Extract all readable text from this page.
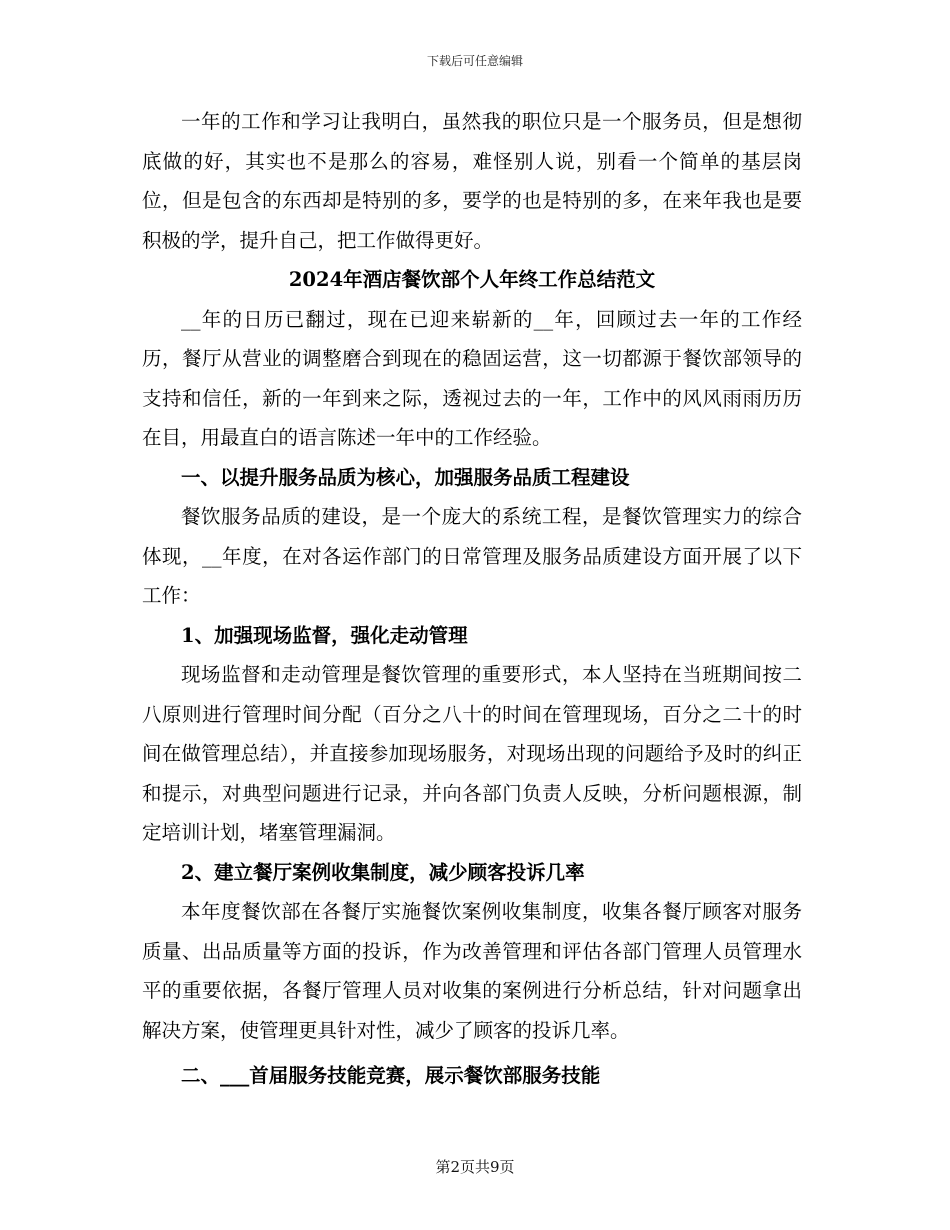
下载后可任意编辑

一年的工作和学习让我明白，虽然我的职位只是一个服务员，但是想彻底做的好，其实也不是那么的容易，难怪别人说，别看一个简单的基层岗位，但是包含的东西却是特别的多，要学的也是特别的多，在来年我也是要积极的学，提升自己，把工作做得更好。

2024年酒店餐饮部个人年终工作总结范文

__年的日历已翻过，现在已迎来崭新的__年，回顾过去一年的工作经历，餐厅从营业的调整磨合到现在的稳固运营，这一切都源于餐饮部领导的支持和信任，新的一年到来之际，透视过去的一年，工作中的风风雨雨历历在目，用最直白的语言陈述一年中的工作经验。

一、以提升服务品质为核心，加强服务品质工程建设

餐饮服务品质的建设，是一个庞大的系统工程，是餐饮管理实力的综合体现，__年度，在对各运作部门的日常管理及服务品质建设方面开展了以下工作：

1、加强现场监督，强化走动管理

现场监督和走动管理是餐饮管理的重要形式，本人坚持在当班期间按二八原则进行管理时间分配（百分之八十的时间在管理现场，百分之二十的时间在做管理总结），并直接参加现场服务，对现场出现的问题给予及时的纠正和提示，对典型问题进行记录，并向各部门负责人反映，分析问题根源，制定培训计划，堵塞管理漏洞。

2、建立餐厅案例收集制度，减少顾客投诉几率

本年度餐饮部在各餐厅实施餐饮案例收集制度，收集各餐厅顾客对服务质量、出品质量等方面的投诉，作为改善管理和评估各部门管理人员管理水平的重要依据，各餐厅管理人员对收集的案例进行分析总结，针对问题拿出解决方案，使管理更具针对性，减少了顾客的投诉几率。

二、___首届服务技能竞赛，展示餐饮部服务技能

第2页共9页
